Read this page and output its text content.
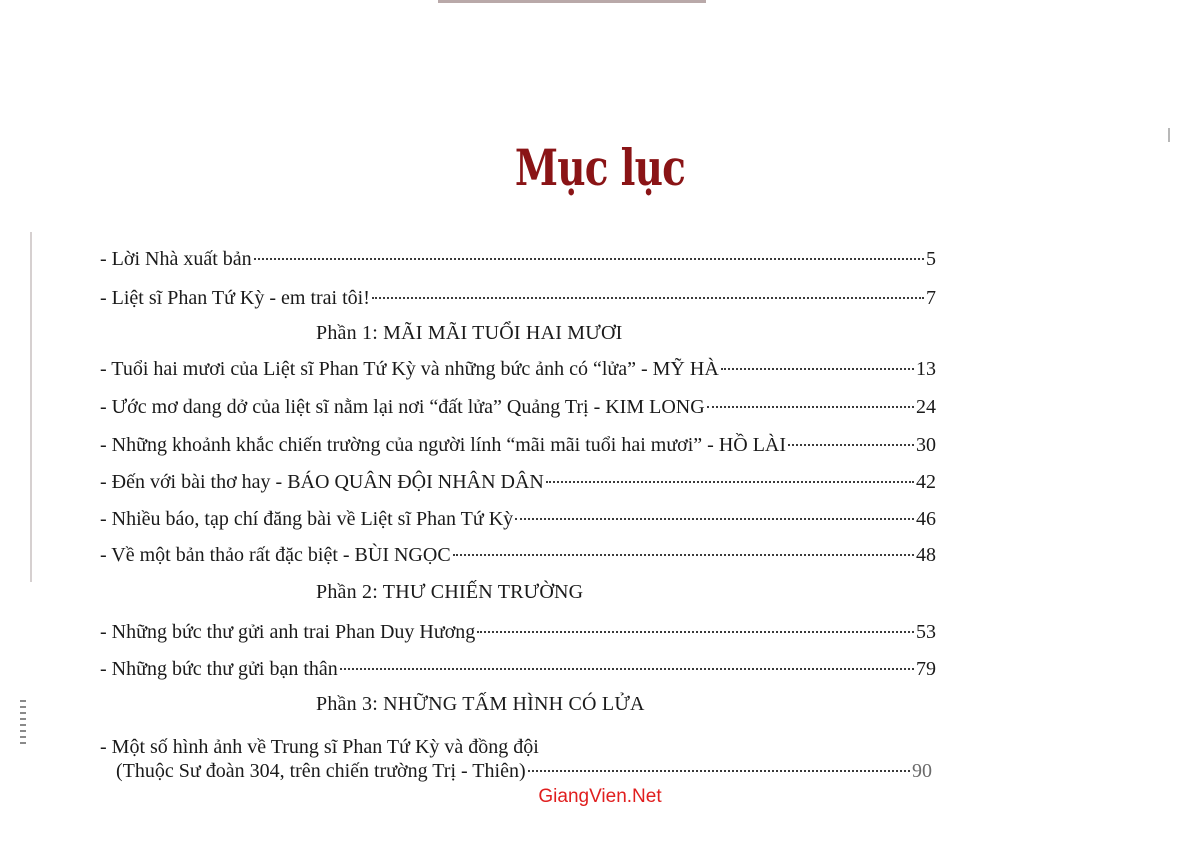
Mục lục
- Lời Nhà xuất bản	5
- Liệt sĩ Phan Tứ Kỳ - em trai tôi!	7
Phần 1: MÃI MÃI TUỔI HAI MƯƠI
- Tuổi hai mươi của Liệt sĩ Phan Tứ Kỳ và những bức ảnh có “lửa” - MỸ HÀ	13
- Ước mơ dang dở của liệt sĩ nằm lại nơi “đất lửa” Quảng Trị - KIM LONG	24
- Những khoảnh khắc chiến trường của người lính “mãi mãi tuổi hai mươi” - HỒ LÀI	30
- Đến với bài thơ hay - BÁO QUÂN ĐỘI NHÂN DÂN	42
- Nhiều báo, tạp chí đăng bài về Liệt sĩ Phan Tứ Kỳ	46
- Về một bản thảo rất đặc biệt - BÙI NGỌC	48
Phần 2: THƯ CHIẾN TRƯỜNG
- Những bức thư gửi anh trai Phan Duy Hương	53
- Những bức thư gửi bạn thân	79
Phần 3: NHỮNG TẤM HÌNH CÓ LỬA
- Một số hình ảnh về Trung sĩ Phan Tứ Kỳ và đồng đội
(Thuộc Sư đoàn 304, trên chiến trường Trị - Thiên)	90
GiangVien.Net
